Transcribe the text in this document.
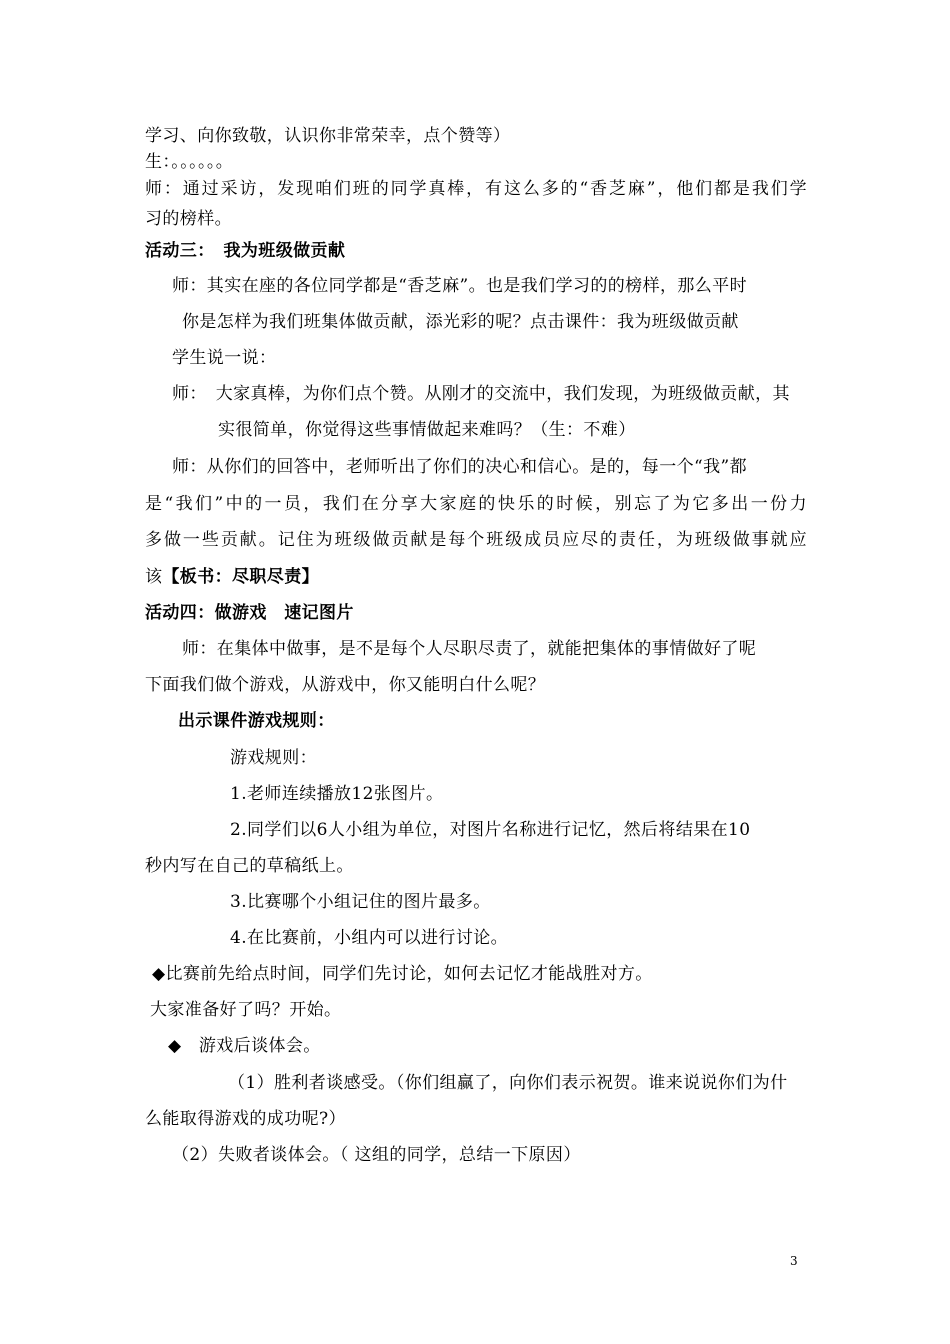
学习、向你致敬，认识你非常荣幸，点个赞等）
生：。。。。。。
师：通过采访，发现咱们班的同学真棒，有这么多的“香芝麻”，他们都是我们学
习的榜样。
活动三：　我为班级做贡献
师：其实在座的各位同学都是“香芝麻”。也是我们学习的的榜样，那么平时
你是怎样为我们班集体做贡献，添光彩的呢？点击课件：我为班级做贡献
学生说一说：
师：　大家真棒，为你们点个赞。从刚才的交流中，我们发现，为班级做贡献，其
实很简单，你觉得这些事情做起来难吗？（生：不难）
师：从你们的回答中，老师听出了你们的决心和信心。是的，每一个“我”都
是“我们”中的一员，我们在分享大家庭的快乐的时候，别忘了为它多出一份力
多做一些贡献。记住为班级做贡献是每个班级成员应尽的责任，为班级做事就应
该【板书：尽职尽责】
活动四：做游戏　速记图片
师：在集体中做事，是不是每个人尽职尽责了，就能把集体的事情做好了呢
下面我们做个游戏，从游戏中，你又能明白什么呢？
出示课件游戏规则：
游戏规则：
1.老师连续播放12张图片。
2.同学们以6人小组为单位，对图片名称进行记忆，然后将结果在10
秒内写在自己的草稿纸上。
3.比赛哪个小组记住的图片最多。
4.在比赛前，小组内可以进行讨论。
◆比赛前先给点时间，同学们先讨论，如何去记忆才能战胜对方。
大家准备好了吗？开始。
◆　游戏后谈体会。
（1）胜利者谈感受。（你们组赢了，向你们表示祝贺。谁来说说你们为什
么能取得游戏的成功呢?）
（2）失败者谈体会。（ 这组的同学，总结一下原因）
3
